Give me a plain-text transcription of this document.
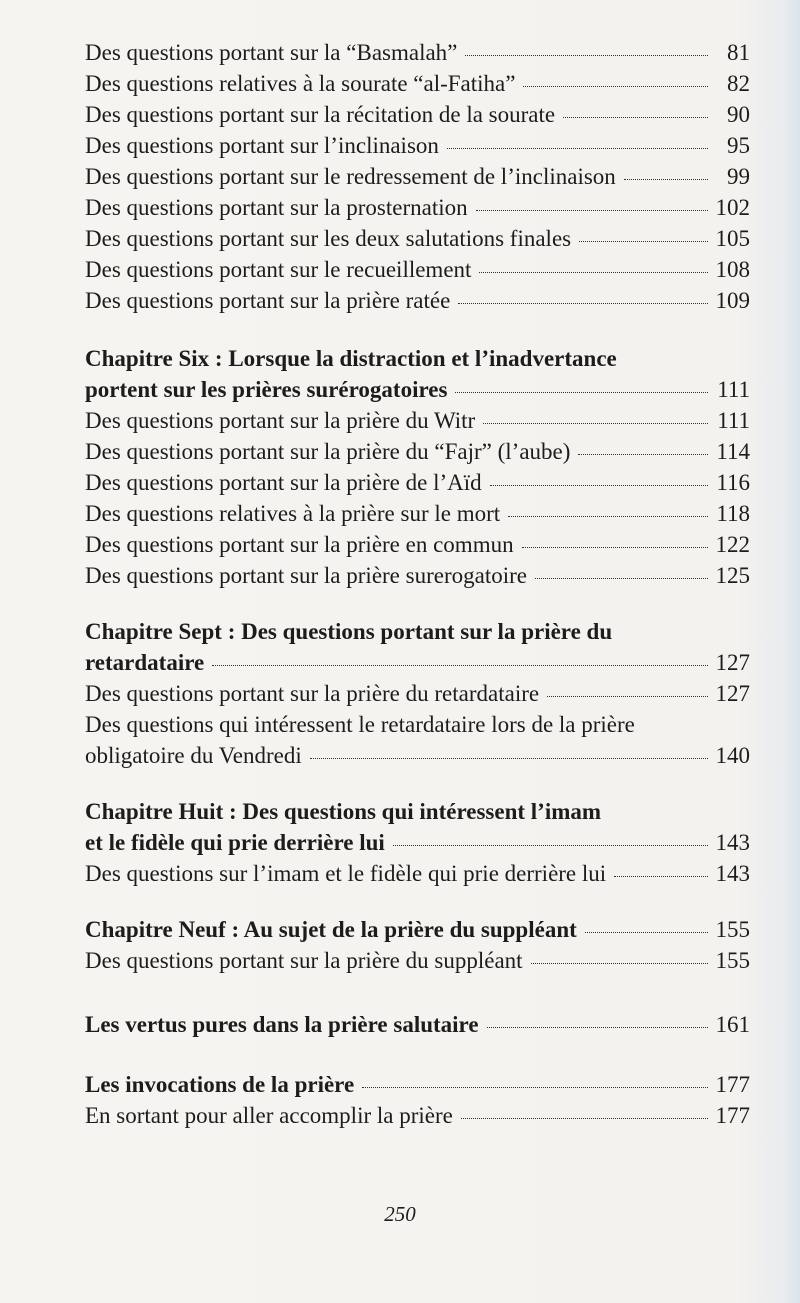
Des questions portant sur la “Basmalah”	81
Des questions relatives à la sourate “al-Fatiha”	82
Des questions portant sur la récitation de la sourate	90
Des questions portant sur l’inclinaison	95
Des questions portant sur le redressement de l’inclinaison	99
Des questions portant sur la prosternation	102
Des questions portant sur les deux salutations finales	105
Des questions portant sur le recueillement	108
Des questions portant sur la prière ratée	109
Chapitre Six : Lorsque la distraction et l’inadvertance
portent sur les prières surérogatoires	111
Des questions portant sur la prière du Witr	111
Des questions portant sur la prière du “Fajr” (l’aube)	114
Des questions portant sur la prière de l’Aïd	116
Des questions relatives à la prière sur le mort	118
Des questions portant sur la prière en commun	122
Des questions portant sur la prière surerogatoire	125
Chapitre Sept : Des questions portant sur la prière du
retardataire	127
Des questions portant sur la prière du retardataire	127
Des questions qui intéressent le retardataire lors de la prière
obligatoire du Vendredi	140
Chapitre Huit : Des questions qui intéressent l’imam
et le fidèle qui prie derrière lui	143
Des questions sur l’imam et le fidèle qui prie derrière lui	143
Chapitre Neuf : Au sujet de la prière du suppléant	155
Des questions portant sur la prière du suppléant	155
Les vertus pures dans la prière salutaire	161
Les invocations de la prière	177
En sortant pour aller accomplir la prière	177
250
